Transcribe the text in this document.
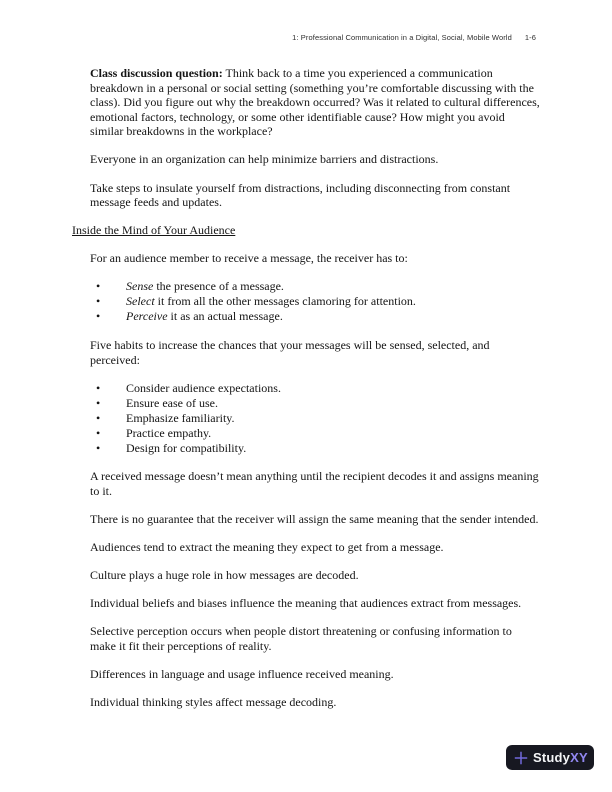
1: Professional Communication in a Digital, Social, Mobile World 1-6

Class discussion question: Think back to a time you experienced a communication breakdown in a personal or social setting (something you’re comfortable discussing with the class). Did you figure out why the breakdown occurred? Was it related to cultural differences, emotional factors, technology, or some other identifiable cause? How might you avoid similar breakdowns in the workplace?

Everyone in an organization can help minimize barriers and distractions.

Take steps to insulate yourself from distractions, including disconnecting from constant message feeds and updates.

Inside the Mind of Your Audience

For an audience member to receive a message, the receiver has to:

• Sense the presence of a message.
• Select it from all the other messages clamoring for attention.
• Perceive it as an actual message.

Five habits to increase the chances that your messages will be sensed, selected, and perceived:

• Consider audience expectations.
• Ensure ease of use.
• Emphasize familiarity.
• Practice empathy.
• Design for compatibility.

A received message doesn’t mean anything until the recipient decodes it and assigns meaning to it.

There is no guarantee that the receiver will assign the same meaning that the sender intended.

Audiences tend to extract the meaning they expect to get from a message.

Culture plays a huge role in how messages are decoded.

Individual beliefs and biases influence the meaning that audiences extract from messages.

Selective perception occurs when people distort threatening or confusing information to make it fit their perceptions of reality.

Differences in language and usage influence received meaning.

Individual thinking styles affect message decoding.

Study XY
